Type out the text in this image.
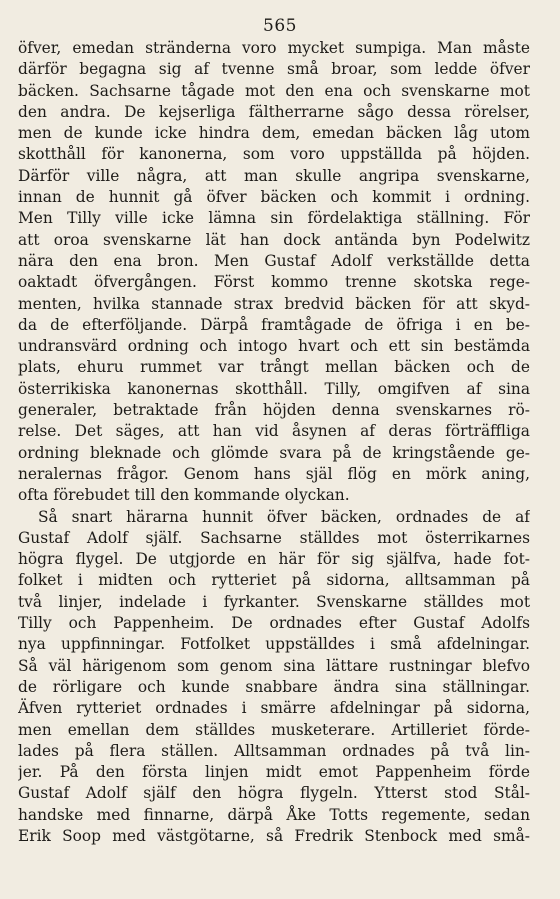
565
öfver, emedan stränderna voro mycket sumpiga. Man måste
därför begagna sig af tvenne små broar, som ledde öfver
bäcken. Sachsarne tågade mot den ena och svenskarne mot
den andra. De kejserliga fältherrarne sågo dessa rörelser,
men de kunde icke hindra dem, emedan bäcken låg utom
skotthåll för kanonerna, som voro uppställda på höjden.
Därför ville några, att man skulle angripa svenskarne,
innan de hunnit gå öfver bäcken och kommit i ordning.
Men Tilly ville icke lämna sin fördelaktiga ställning. För
att oroa svenskarne lät han dock antända byn Podelwitz
nära den ena bron. Men Gustaf Adolf verkställde detta
oaktadt öfvergången. Först kommo trenne skotska rege-
menten, hvilka stannade strax bredvid bäcken för att skyd-
da de efterföljande. Därpå framtågade de öfriga i en be-
undransvärd ordning och intogo hvart och ett sin bestämda
plats, ehuru rummet var trångt mellan bäcken och de
österrikiska kanonernas skotthåll. Tilly, omgifven af sina
generaler, betraktade från höjden denna svenskarnes rö-
relse. Det säges, att han vid åsynen af deras förträffliga
ordning bleknade och glömde svara på de kringstående ge-
neralernas frågor. Genom hans själ flög en mörk aning,
ofta förebudet till den kommande olyckan.
Så snart härarna hunnit öfver bäcken, ordnades de af
Gustaf Adolf själf. Sachsarne ställdes mot österrikarnes
högra flygel. De utgjorde en här för sig själfva, hade fot-
folket i midten och rytteriet på sidorna, alltsamman på
två linjer, indelade i fyrkanter. Svenskarne ställdes mot
Tilly och Pappenheim. De ordnades efter Gustaf Adolfs
nya uppfinningar. Fotfolket uppställdes i små afdelningar.
Så väl härigenom som genom sina lättare rustningar blefvo
de rörligare och kunde snabbare ändra sina ställningar.
Äfven rytteriet ordnades i smärre afdelningar på sidorna,
men emellan dem ställdes musketerare. Artilleriet förde-
lades på flera ställen. Alltsamman ordnades på två lin-
jer. På den första linjen midt emot Pappenheim förde
Gustaf Adolf själf den högra flygeln. Ytterst stod Stål-
handske med finnarne, därpå Åke Totts regemente, sedan
Erik Soop med västgötarne, så Fredrik Stenbock med små-
